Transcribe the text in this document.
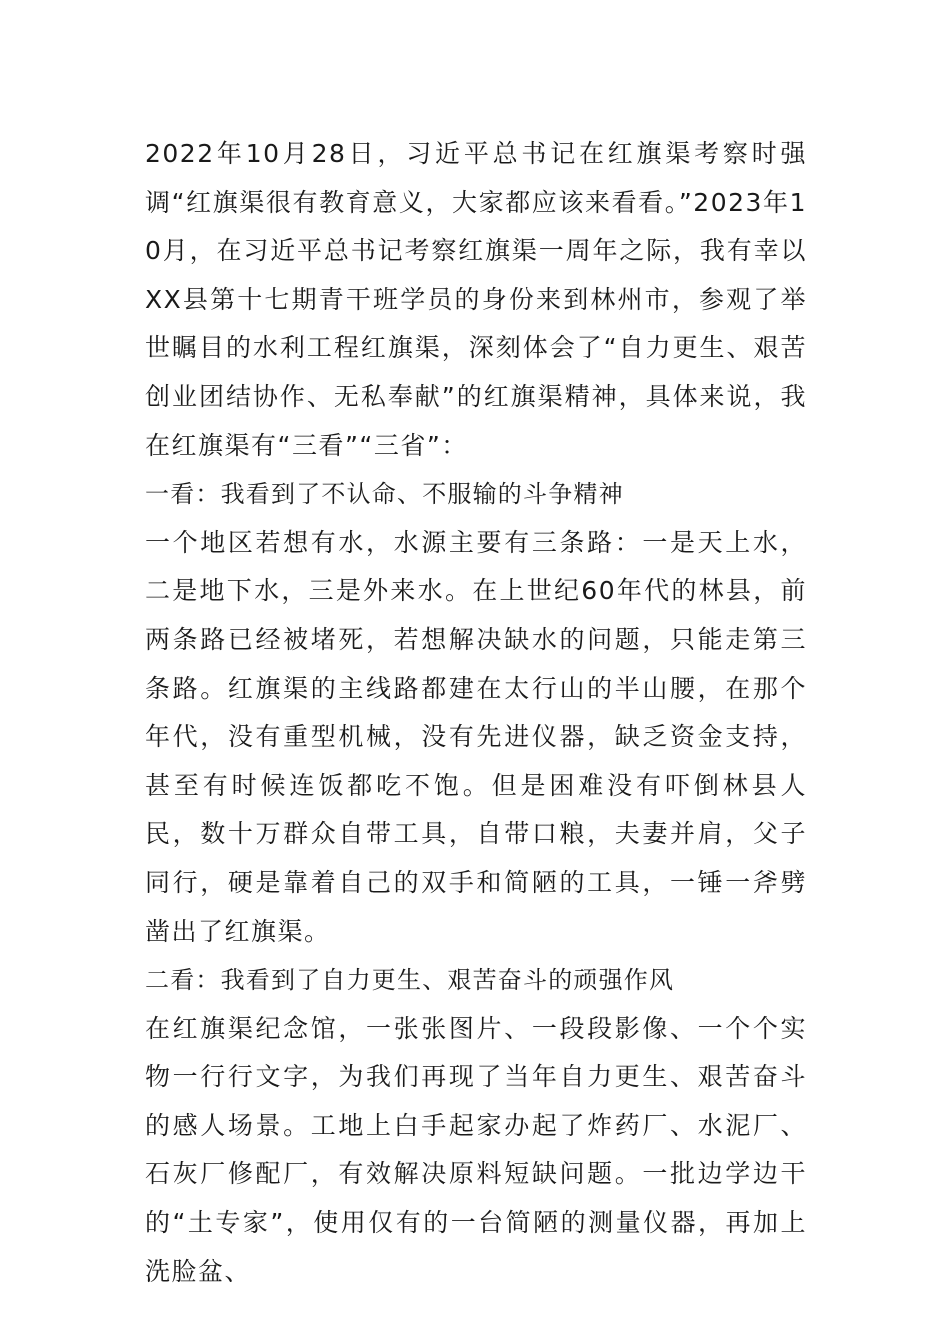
2022年10月28日，习近平总书记在红旗渠考察时强调“红旗渠很有教育意义，大家都应该来看看。”2023年10月，在习近平总书记考察红旗渠一周年之际，我有幸以XX县第十七期青干班学员的身份来到林州市，参观了举世瞩目的水利工程红旗渠，深刻体会了“自力更生、艰苦创业团结协作、无私奉献”的红旗渠精神，具体来说，我在红旗渠有“三看”“三省”：

一看：我看到了不认命、不服输的斗争精神

一个地区若想有水，水源主要有三条路：一是天上水，二是地下水，三是外来水。在上世纪60年代的林县，前两条路已经被堵死，若想解决缺水的问题，只能走第三条路。红旗渠的主线路都建在太行山的半山腰，在那个年代，没有重型机械，没有先进仪器，缺乏资金支持，甚至有时候连饭都吃不饱。但是困难没有吓倒林县人民，数十万群众自带工具，自带口粮，夫妻并肩，父子同行，硬是靠着自己的双手和简陋的工具，一锤一斧劈凿出了红旗渠。

二看：我看到了自力更生、艰苦奋斗的顽强作风

在红旗渠纪念馆，一张张图片、一段段影像、一个个实物一行行文字，为我们再现了当年自力更生、艰苦奋斗的感人场景。工地上白手起家办起了炸药厂、水泥厂、石灰厂修配厂，有效解决原料短缺问题。一批边学边干的“土专家”，使用仅有的一台简陋的测量仪器，再加上洗脸盆、
